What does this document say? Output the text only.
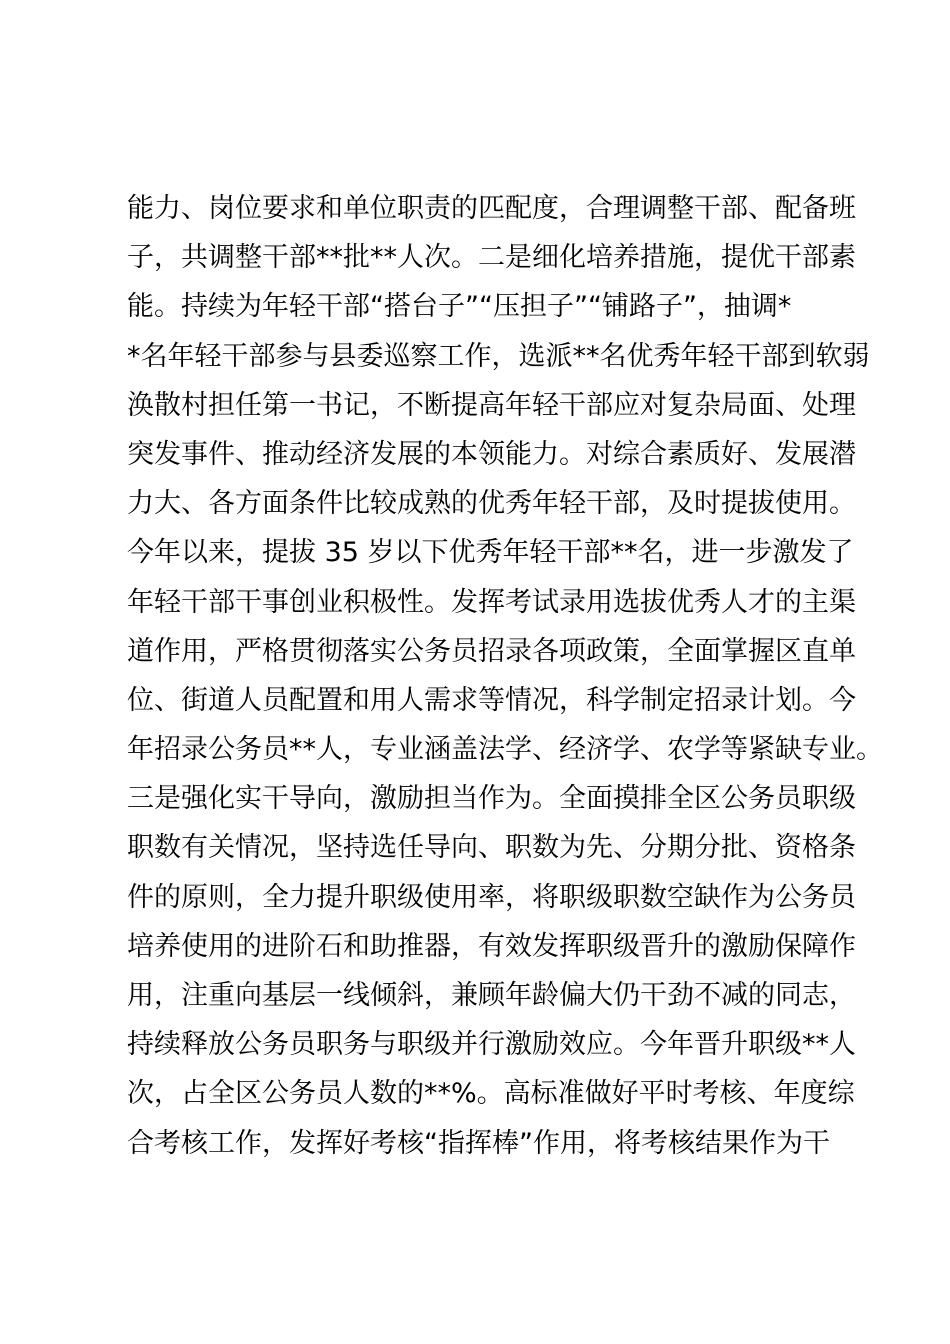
能力、岗位要求和单位职责的匹配度，合理调整干部、配备班
子，共调整干部**批**人次。二是细化培养措施，提优干部素
能。持续为年轻干部“搭台子”“压担子”“铺路子”，抽调*
*名年轻干部参与县委巡察工作，选派**名优秀年轻干部到软弱
涣散村担任第一书记，不断提高年轻干部应对复杂局面、处理
突发事件、推动经济发展的本领能力。对综合素质好、发展潜
力大、各方面条件比较成熟的优秀年轻干部，及时提拔使用。
今年以来，提拔 35 岁以下优秀年轻干部**名，进一步激发了
年轻干部干事创业积极性。发挥考试录用选拔优秀人才的主渠
道作用，严格贯彻落实公务员招录各项政策，全面掌握区直单
位、街道人员配置和用人需求等情况，科学制定招录计划。今
年招录公务员**人，专业涵盖法学、经济学、农学等紧缺专业。
三是强化实干导向，激励担当作为。全面摸排全区公务员职级
职数有关情况，坚持选任导向、职数为先、分期分批、资格条
件的原则，全力提升职级使用率，将职级职数空缺作为公务员
培养使用的进阶石和助推器，有效发挥职级晋升的激励保障作
用，注重向基层一线倾斜，兼顾年龄偏大仍干劲不减的同志，
持续释放公务员职务与职级并行激励效应。今年晋升职级**人
次，占全区公务员人数的**%。高标准做好平时考核、年度综
合考核工作，发挥好考核“指挥棒”作用，将考核结果作为干
